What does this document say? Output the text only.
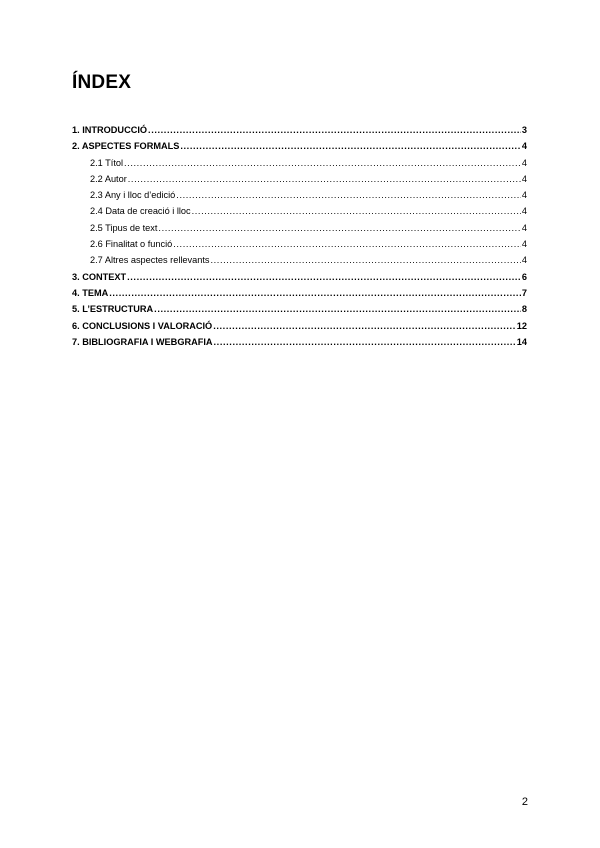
ÍNDEX
1. INTRODUCCIÓ .....	3
2. ASPECTES FORMALS .....	4
2.1 Títol .....	4
2.2 Autor .....	4
2.3 Any i lloc d’edició .....	4
2.4 Data de creació i lloc .....	4
2.5 Tipus de text .....	4
2.6 Finalitat o funció .....	4
2.7 Altres aspectes rellevants .....	4
3. CONTEXT .....	6
4. TEMA .....	7
5. L’ESTRUCTURA .....	8
6. CONCLUSIONS I VALORACIÓ .....	12
7. BIBLIOGRAFIA I WEBGRAFIA .....	14
2
